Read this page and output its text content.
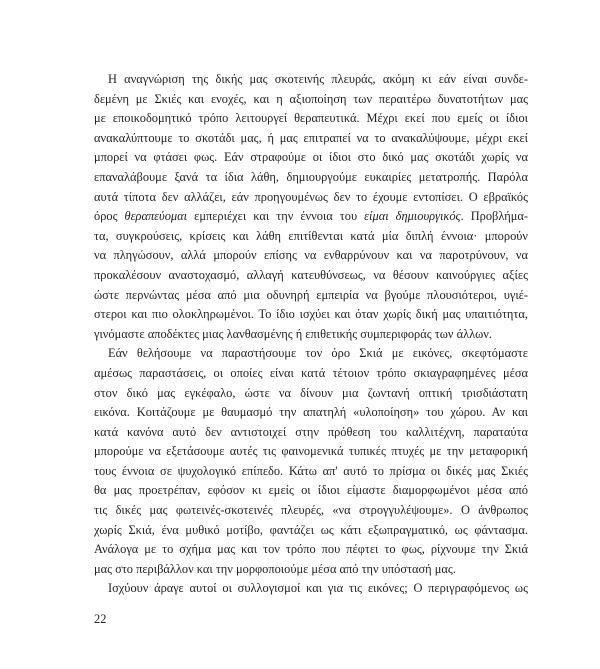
Η αναγνώριση της δικής μας σκοτεινής πλευράς, ακόμη κι εάν είναι συνδε-
δεμένη με Σκιές και ενοχές, και η αξιοποίηση των περαιτέρω δυνατοτήτων μας
με εποικοδομητικό τρόπο λειτουργεί θεραπευτικά. Μέχρι εκεί που εμείς οι ίδιοι
ανακαλύπτουμε το σκοτάδι μας, ή μας επιτραπεί να το ανακαλύψουμε, μέχρι εκεί
μπορεί να φτάσει φως. Εάν στραφούμε οι ίδιοι στο δικό μας σκοτάδι χωρίς να
επαναλάβουμε ξανά τα ίδια λάθη, δημιουργούμε ευκαιρίες μετατροπής. Παρόλα
αυτά τίποτα δεν αλλάζει, εάν προηγουμένως δεν το έχουμε εντοπίσει. Ο εβραϊκός
όρος θεραπεύομαι εμπεριέχει και την έννοια του είμαι δημιουργικός. Προβλήμα-
τα, συγκρούσεις, κρίσεις και λάθη επιτίθενται κατά μία διπλή έννοια· μπορούν
να πληγώσουν, αλλά μπορούν επίσης να ενθαρρύνουν και να παροτρύνουν, να
προκαλέσουν αναστοχασμό, αλλαγή κατευθύνσεως, να θέσουν καινούργιες αξίες
ώστε περνώντας μέσα από μια οδυνηρή εμπειρία να βγούμε πλουσιότεροι, υγιέ-
στεροι και πιο ολοκληρωμένοι. Το ίδιο ισχύει και όταν χωρίς δική μας υπαιτιότητα,
γινόμαστε αποδέκτες μιας λανθασμένης ή επιθετικής συμπεριφοράς των άλλων.
Εάν θελήσουμε να παραστήσουμε τον όρο Σκιά με εικόνες, σκεφτόμαστε
αμέσως παραστάσεις, οι οποίες είναι κατά τέτοιον τρόπο σκιαγραφημένες μέσα
στον δικό μας εγκέφαλο, ώστε να δίνουν μια ζωντανή οπτική τρισδιάστατη
εικόνα. Κοιτάζουμε με θαυμασμό την απατηλή «υλοποίηση» του χώρου. Αν και
κατά κανόνα αυτό δεν αντιστοιχεί στην πρόθεση του καλλιτέχνη, παραταύτα
μπορούμε να εξετάσουμε αυτές τις φαινομενικά τυπικές πτυχές με την μεταφορική
τους έννοια σε ψυχολογικό επίπεδο. Κάτω απ' αυτό το πρίσμα οι δικές μας Σκιές
θα μας προετρέπαν, εφόσον κι εμείς οι ίδιοι είμαστε διαμορφωμένοι μέσα από
τις δικές μας φωτεινές-σκοτεινές πλευρές, «να στρογγυλέψουμε». Ο άνθρωπος
χωρίς Σκιά, ένα μυθικό μοτίβο, φαντάζει ως κάτι εξωπραγματικό, ως φάντασμα.
Ανάλογα με το σχήμα μας και τον τρόπο που πέφτει το φως, ρίχνουμε την Σκιά
μας στο περιβάλλον και την μορφοποιούμε μέσα από την υπόστασή μας.
Ισχύουν άραγε αυτοί οι συλλογισμοί και για τις εικόνες; Ο περιγραφόμενος ως
22
